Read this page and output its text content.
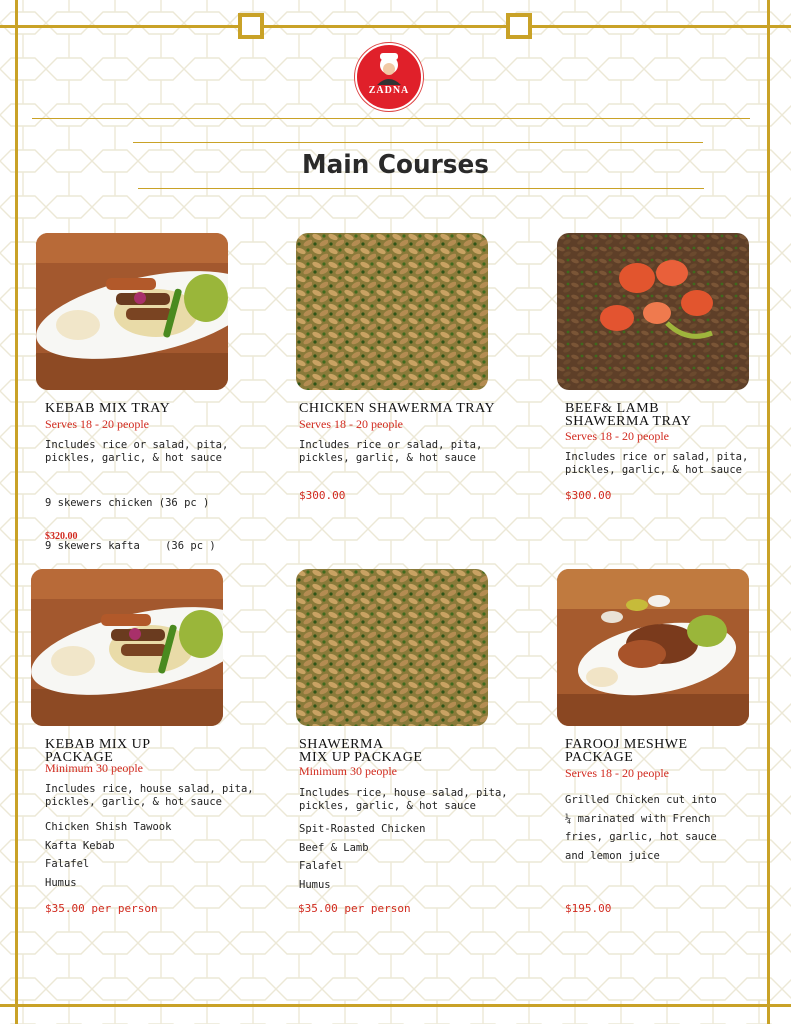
ZADNA
Main Courses
KEBAB MIX TRAY
Serves 18 - 20 people
Includes rice or salad, pita,
pickles, garlic, & hot sauce

9 skewers chicken (36 pc )

9 skewers kafta    (36 pc )

$320.00
CHICKEN SHAWERMA TRAY
Serves 18 - 20 people
Includes rice or salad, pita,
pickles, garlic, & hot sauce
$300.00
BEEF& LAMB
SHAWERMA TRAY
Serves 18 - 20 people
Includes rice or salad, pita,
pickles, garlic, & hot sauce
$300.00
KEBAB MIX UP
PACKAGE
Minimum 30 people
Includes rice, house salad, pita,
pickles, garlic, & hot sauce
Chicken Shish Tawook
Kafta Kebab
Falafel
Humus
$35.00 per person
SHAWERMA
MIX UP PACKAGE
Minimum 30 people
Includes rice, house salad, pita,
pickles, garlic, & hot sauce
Spit-Roasted Chicken
Beef & Lamb
Falafel
Humus
$35.00 per person
FAROOJ MESHWE
PACKAGE
Serves 18 - 20 people
Grilled Chicken cut into
¼ marinated with French
fries, garlic, hot sauce
and lemon juice
$195.00
